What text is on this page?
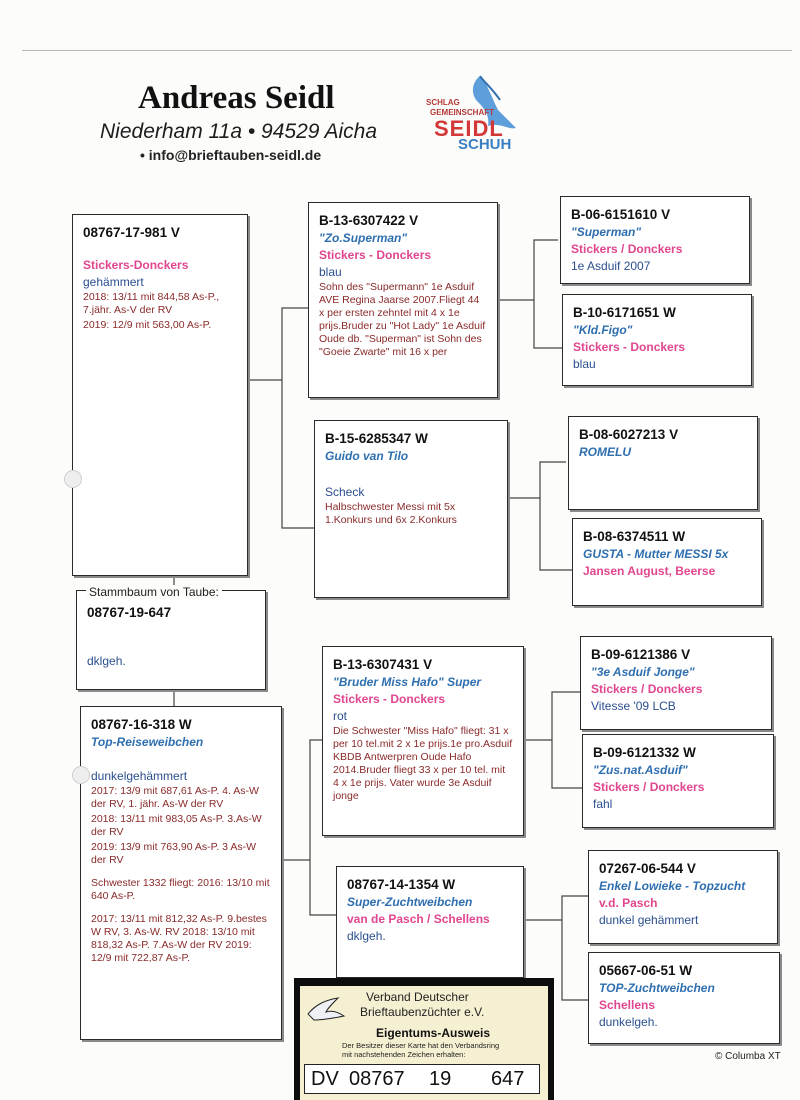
Andreas Seidl
Niederham 11a • 94529 Aicha
• info@brieftauben-seidl.de
SCHLAG
GEMEINSCHAFT
SEIDL
SCHUH
08767-17-981 V
Stickers-Donckers
gehämmert
2018: 13/11 mit 844,58 As-P., 7.jähr. As-V der RV
2019: 12/9 mit 563,00 As-P.
08767-19-647
dklgeh.
Stammbaum von Taube:
08767-16-318 W
Top-Reiseweibchen
dunkelgehämmert
2017: 13/9 mit 687,61 As-P. 4. As-W der RV, 1. jähr. As-W der RV
2018: 13/11 mit 983,05 As-P. 3.As-W der RV
2019: 13/9 mit 763,90 As-P. 3 As-W der RV
Schwester 1332 fliegt: 2016: 13/10 mit 640 As-P.
2017: 13/11 mit 812,32 As-P. 9.bestes W RV, 3. As-W. RV 2018: 13/10 mit 818,32 As-P. 7.As-W der RV 2019: 12/9 mit 722,87 As-P.
B-13-6307422 V
"Zo.Superman"
Stickers - Donckers
blau
Sohn des "Supermann" 1e Asduif AVE Regina Jaarse 2007.Fliegt 44 x per ersten zehntel mit 4 x 1e prijs.Bruder zu "Hot Lady" 1e Asduif Oude db. "Superman" ist Sohn des "Goeie Zwarte" mit 16 x per
B-15-6285347 W
Guido van Tilo
Scheck
Halbschwester Messi mit 5x 1.Konkurs und 6x 2.Konkurs
B-13-6307431 V
"Bruder Miss Hafo" Super
Stickers - Donckers
rot
Die Schwester "Miss Hafo" fliegt: 31 x per 10 tel.mit 2 x 1e prijs.1e pro.Asduif KBDB Antwerpren Oude Hafo 2014.Bruder fliegt 33 x per 10 tel. mit 4 x 1e prijs. Vater wurde 3e Asduif jonge
08767-14-1354 W
Super-Zuchtweibchen
van de Pasch / Schellens
dklgeh.
B-06-6151610 V
"Superman"
Stickers / Donckers
1e Asduif 2007
B-10-6171651 W
"Kld.Figo"
Stickers - Donckers
blau
B-08-6027213 V
ROMELU
B-08-6374511 W
GUSTA - Mutter MESSI 5x
Jansen August, Beerse
B-09-6121386 V
"3e Asduif Jonge"
Stickers / Donckers
Vitesse '09 LCB
B-09-6121332 W
"Zus.nat.Asduif"
Stickers / Donckers
fahl
07267-06-544 V
Enkel Lowieke - Topzucht
v.d. Pasch
dunkel gehämmert
05667-06-51 W
TOP-Zuchtweibchen
Schellens
dunkelgeh.
Verband Deutscher
Brieftaubenzüchter e.V.
Eigentums-Ausweis
Der Besitzer dieser Karte hat den Verbandsring
mit nachstehenden Zeichen erhalten:
DV 08767 19 647
© Columba XT
